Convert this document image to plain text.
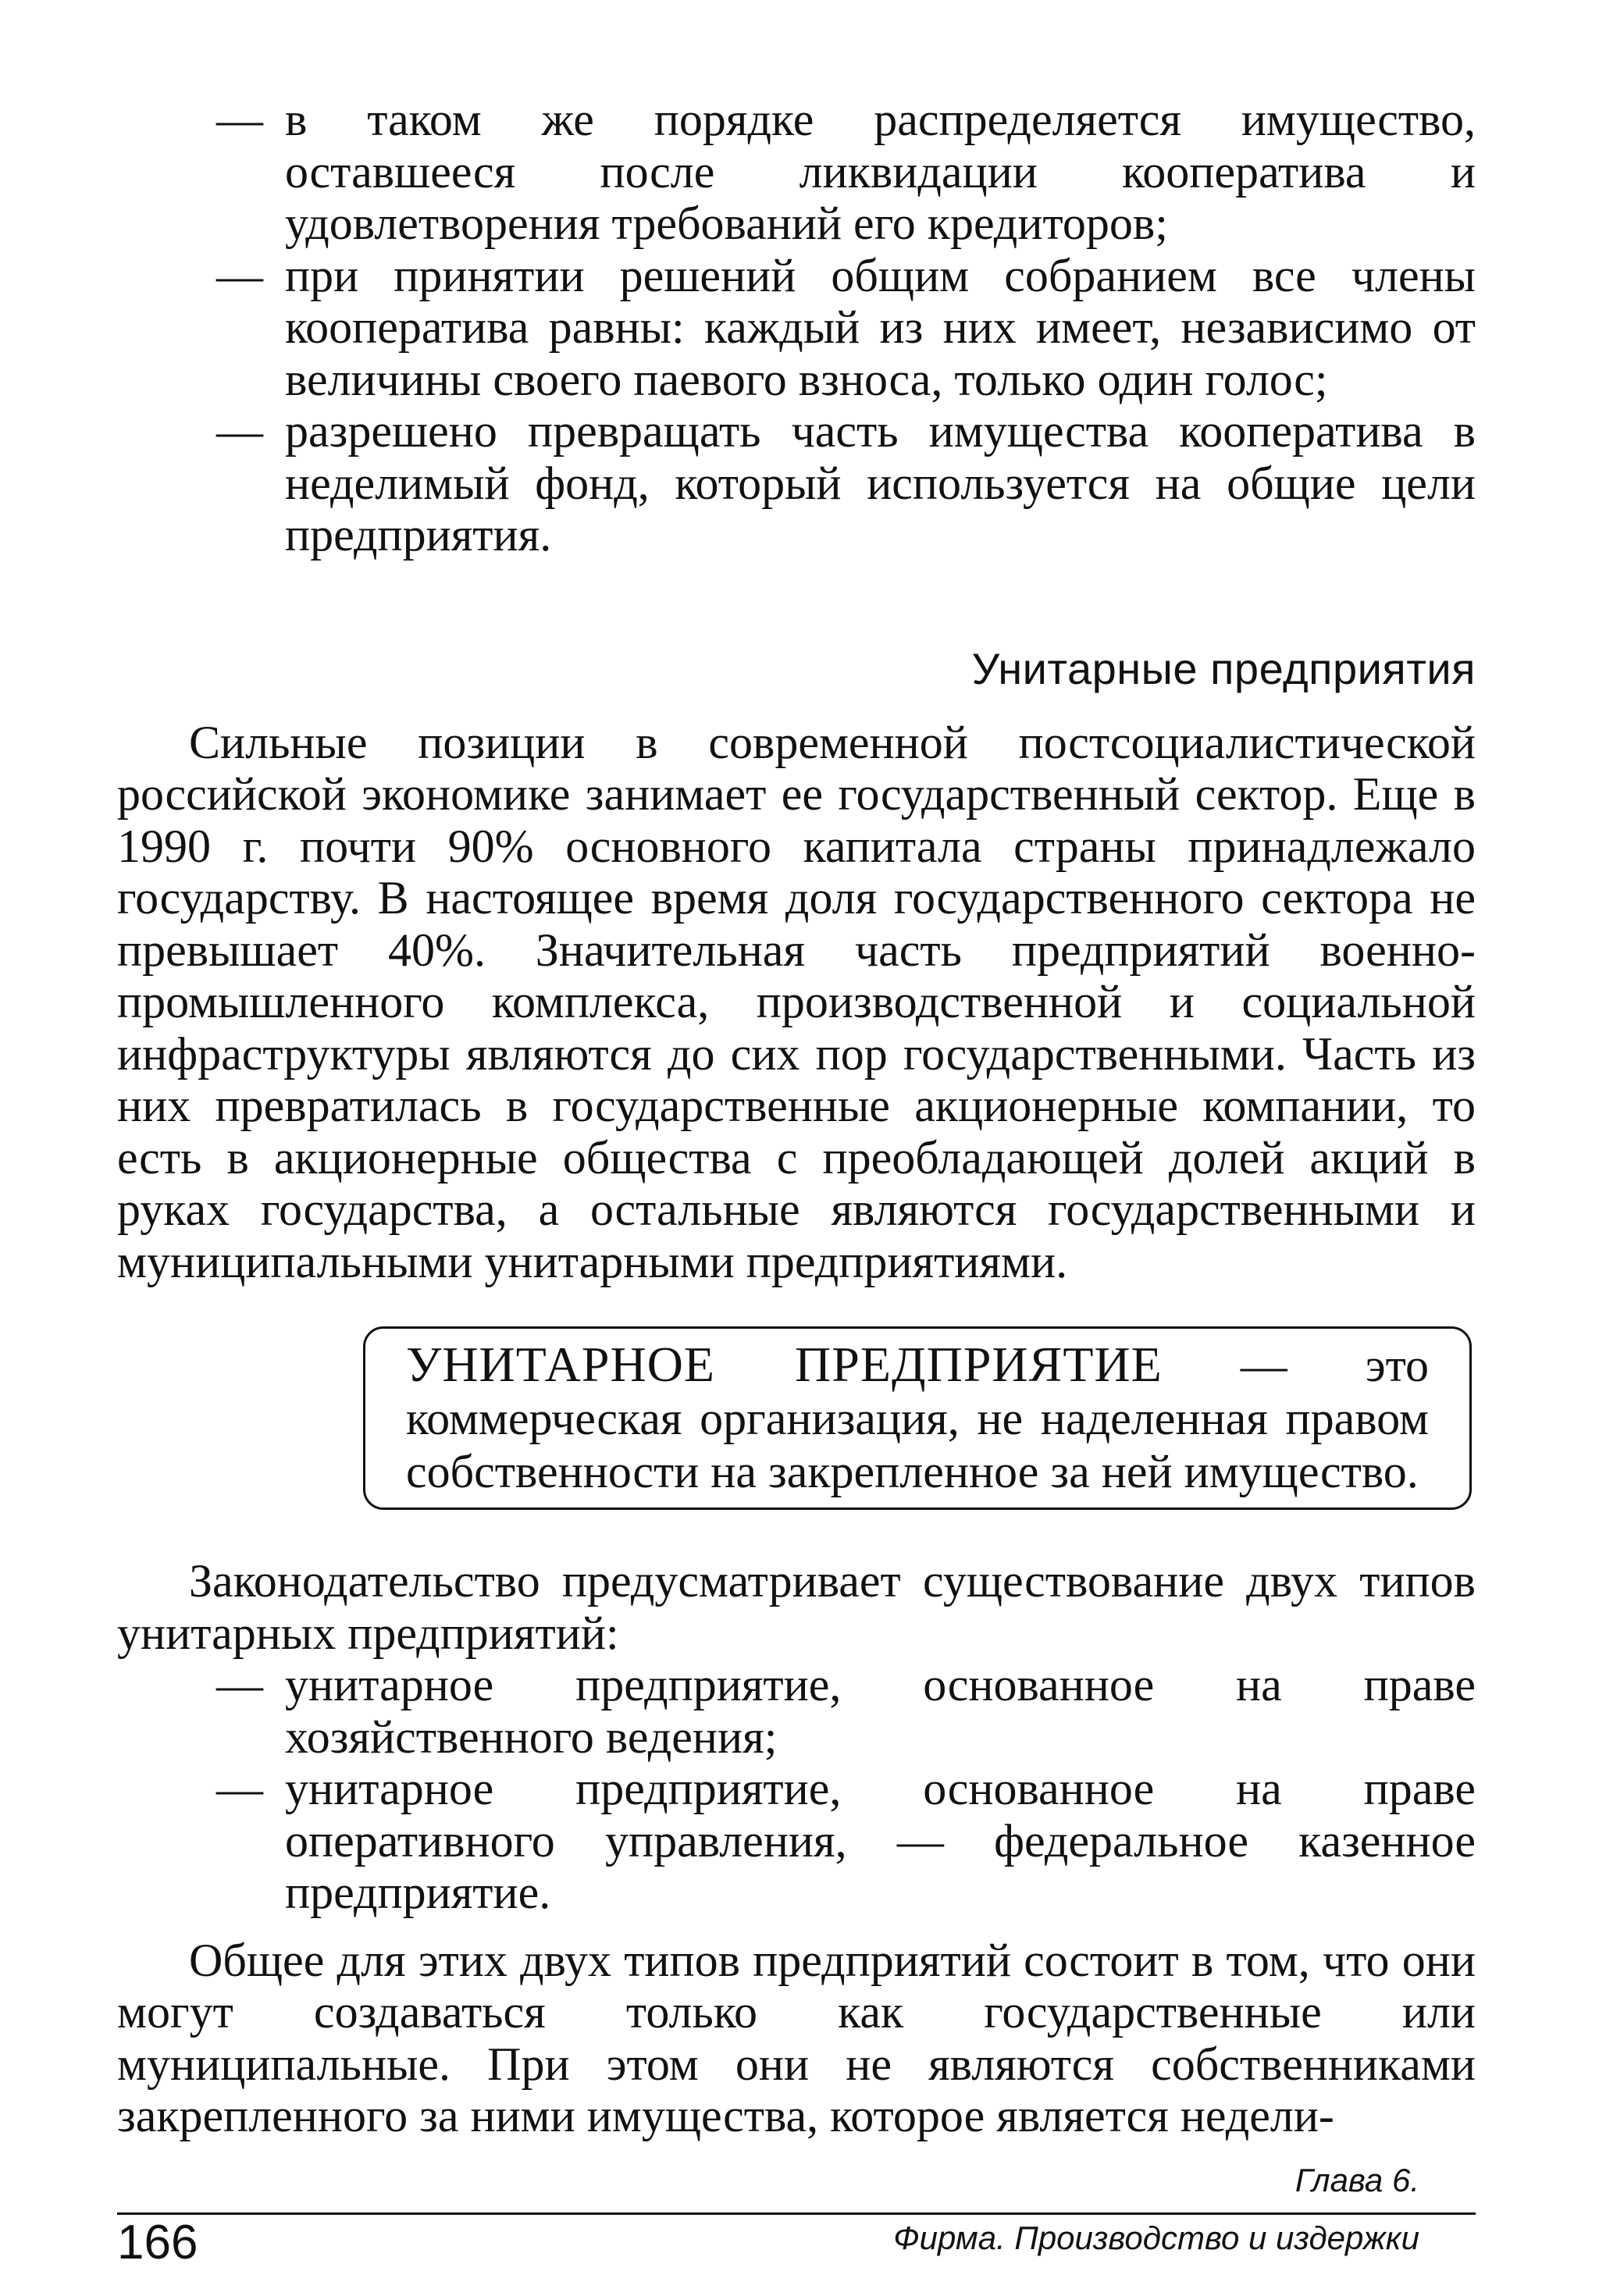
— в таком же порядке распределяется имущество, оставшееся после ликвидации кооператива и удовлетворения требований его кредиторов;
— при принятии решений общим собранием все члены кооператива равны: каждый из них имеет, независимо от величины своего паевого взноса, только один голос;
— разрешено превращать часть имущества кооператива в неделимый фонд, который используется на общие цели предприятия.
Унитарные предприятия

Сильные позиции в современной постсоциалистической российской экономике занимает ее государственный сектор. Еще в 1990 г. почти 90% основного капитала страны принадлежало государству. В настоящее время доля государственного сектора не превышает 40%. Значительная часть предприятий военно-промышленного комплекса, производственной и социальной инфраструктуры являются до сих пор государственными. Часть из них превратилась в государственные акционерные компании, то есть в акционерные общества с преобладающей долей акций в руках государства, а остальные являются государственными и муниципальными унитарными предприятиями.

УНИТАРНОЕ ПРЕДПРИЯТИЕ — это коммерческая организация, не наделенная правом собственности на закрепленное за ней имущество.

Законодательство предусматривает существование двух типов унитарных предприятий:

— унитарное предприятие, основанное на праве хозяйственного ведения;
— унитарное предприятие, основанное на праве оперативного управления, — федеральное казенное предприятие.

Общее для этих двух типов предприятий состоит в том, что они могут создаваться только как государственные или муниципальные. При этом они не являются собственниками закрепленного за ними имущества, которое является недели-

Глава 6.
166	Фирма. Производство и издержки
